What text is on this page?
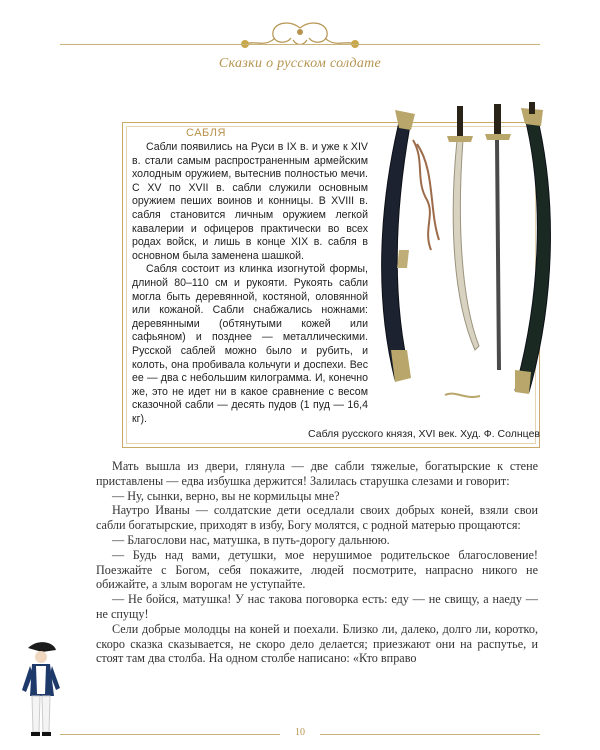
Сказки о русском солдате
САБЛЯ

Сабли появились на Руси в IX в. и уже к XIV в. стали самым распространенным армейским холодным оружием, вытеснив полностью мечи. С XV по XVII в. сабли служили основным оружием пеших воинов и конницы. В XVIII в. сабля становится личным оружием легкой кавалерии и офицеров практически во всех родах войск, и лишь в конце XIX в. сабля в основном была заменена шашкой.

Сабля состоит из клинка изогнутой формы, длиной 80–110 см и рукояти. Рукоять сабли могла быть деревянной, костяной, оловянной или кожаной. Сабли снабжались ножнами: деревянными (обтянутыми кожей или сафьяном) и позднее — металлическими. Русской саблей можно было и рубить, и колоть, она пробивала кольчуги и доспехи. Вес ее — два с небольшим килограмма. И, конечно же, это не идет ни в какое сравнение с весом сказочной сабли — десять пудов (1 пуд — 16,4 кг).

Сабля русского князя, XVI век. Худ. Ф. Солнцев

Мать вышла из двери, глянула — две сабли тяжелые, богатырские к стене приставлены — едва избушка держится! Залилась старушка слезами и говорит:

— Ну, сынки, верно, вы не кормильцы мне?

Наутро Иваны — солдатские дети оседлали своих добрых коней, взяли свои сабли богатырские, приходят в избу, Богу молятся, с родной матерью прощаются:

— Благослови нас, матушка, в путь-дорогу дальнюю.

— Будь над вами, детушки, мое нерушимое родительское благословение! Поезжайте с Богом, себя покажите, людей посмотрите, напрасно никого не обижайте, а злым ворогам не уступайте.

— Не бойся, матушка! У нас такова поговорка есть: еду — не свищу, а наеду — не спущу!

Сели добрые молодцы на коней и поехали. Близко ли, далеко, долго ли, коротко, скоро сказка сказывается, не скоро дело делается; приезжают они на распутье, и стоят там два столба. На одном столбе написано: «Кто вправо

10
